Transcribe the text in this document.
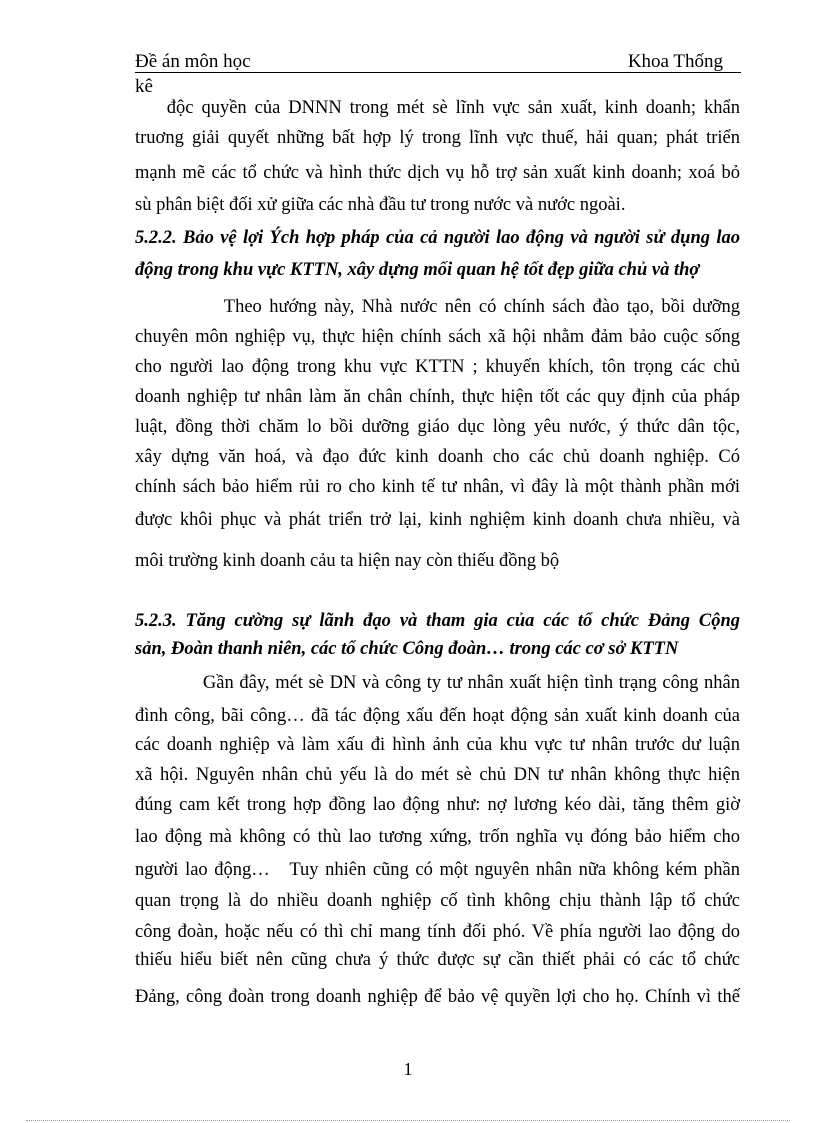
Đề án môn học	Khoa Thống
kê
độc quyền của DNNN trong mét sè lĩnh vực sản xuất, kinh doanh; khẩn
truơng giải quyết những bất hợp lý trong lĩnh vực thuế, hải quan; phát triển
mạnh mẽ các tổ chức và hình thức dịch vụ hỗ trợ sản xuất kinh doanh; xoá bỏ
sù phân biệt đối xử giữa các nhà đầu tư trong nước và nước ngoài.
5.2.2. Bảo vệ lợi Ých hợp pháp của cả người lao động và người sử dụng lao
động trong khu vực KTTN, xây dựng mối quan hệ tốt đẹp giữa chủ và thợ
Theo hướng này, Nhà nước nên có chính sách đào tạo, bồi dưỡng
chuyên môn nghiệp vụ, thực hiện chính sách xã hội nhằm đảm bảo cuộc sống
cho người lao động trong khu vực KTTN ; khuyến khích, tôn trọng các chủ
doanh nghiệp tư nhân làm ăn chân chính, thực hiện tốt các quy định của pháp
luật, đồng thời chăm lo bồi dưỡng giáo dục lòng yêu nước, ý thức dân tộc,
xây dựng văn hoá, và đạo đức kinh doanh cho các chủ doanh nghiệp. Có
chính sách bảo hiểm rủi ro cho kinh tế tư nhân, vì đây là một thành phần mới
được khôi phục và phát triển trở lại, kinh nghiệm kinh doanh chưa nhiều, và
môi trường kinh doanh cảu ta hiện nay còn thiếu đồng bộ
5.2.3. Tăng cường sự lãnh đạo và tham gia của các tổ chức Đảng Cộng
sản, Đoàn thanh niên, các tổ chức Công đoàn… trong các cơ sở KTTN
Gần đây, mét sè DN và công ty tư nhân xuất hiện tình trạng công nhân
đình công, bãi công… đã tác động xấu đến hoạt động sản xuất kinh doanh của
các doanh nghiệp và làm xấu đi hình ảnh của khu vực tư nhân trước dư luận
xã hội. Nguyên nhân chủ yếu là do mét sè chủ DN tư nhân không thực hiện
đúng cam kết trong hợp đồng lao động như: nợ lương kéo dài, tăng thêm giờ
lao động mà không có thù lao tương xứng, trốn nghĩa vụ đóng bảo hiểm cho
người lao động…   Tuy nhiên cũng có một nguyên nhân nữa không kém phần
quan trọng là do nhiều doanh nghiệp cố tình không chịu thành lập tổ chức
công đoàn, hoặc nếu có thì chỉ mang tính đối phó. Về phía người lao động do
thiếu hiểu biết nên cũng chưa ý thức được sự cần thiết phải có các tổ chức
Đảng, công đoàn trong doanh nghiệp để bảo vệ quyền lợi cho họ. Chính vì thế
1
